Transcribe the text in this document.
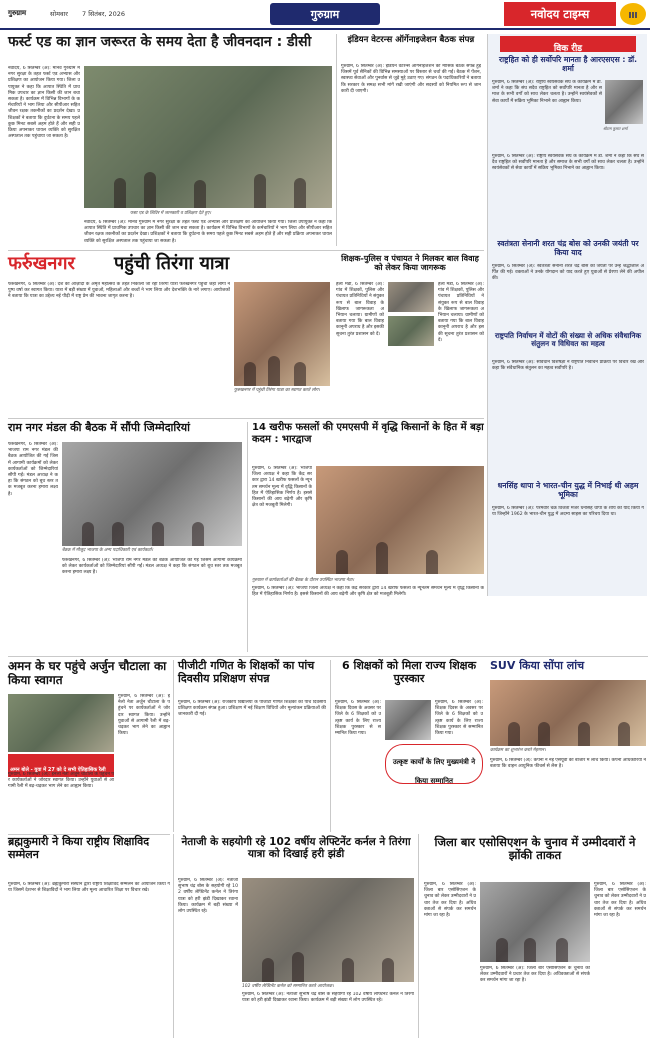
गुरुग्राम	सोमवार 7 सितंबर, 2026	गुरुग्राम	नवोदय टाइम्स	III
फर्स्ट एड का ज्ञान जरूरत के समय देता है जीवनदान : डीसी
नवोदय, 6 सितम्बर (अ): मानव गुरुग्राम में नगर सुरक्षा के तहत फर्स्ट एड अभ्यास और प्रशिक्षण का आयोजन किया गया। जिला उपायुक्त ने कहा कि आपात स्थिति में प्राथमिक उपचार का ज्ञान किसी की जान बचा सकता है। कार्यक्रम में विभिन्न विभागों के कर्मचारियों ने भाग लिया और सीपीआर सहित जीवन रक्षक तकनीकों का प्रदर्शन देखा। प्रशिक्षकों ने बताया कि दुर्घटना के समय पहले कुछ मिनट सबसे अहम होते हैं और सही प्रक्रिया अपनाकर घायल व्यक्ति को सुरक्षित अस्पताल तक पहुंचाया जा सकता है।
फस्ट एड के शिविर में जानकारी व प्रशिक्षण देते हुए।
नवोदय, 6 सितम्बर (अ): मानव गुरुग्राम में नगर सुरक्षा के तहत फर्स्ट एड अभ्यास और प्रशिक्षण का आयोजन किया गया। जिला उपायुक्त ने कहा कि आपात स्थिति में प्राथमिक उपचार का ज्ञान किसी की जान बचा सकता है। कार्यक्रम में विभिन्न विभागों के कर्मचारियों ने भाग लिया और सीपीआर सहित जीवन रक्षक तकनीकों का प्रदर्शन देखा। प्रशिक्षकों ने बताया कि दुर्घटना के समय पहले कुछ मिनट सबसे अहम होते हैं और सही प्रक्रिया अपनाकर घायल व्यक्ति को सुरक्षित अस्पताल तक पहुंचाया जा सकता है।
इंडियन वेटरन्स ऑर्गेनाइजेशन बैठक संपन्न
गुरुग्राम, 6 सितम्बर (अ): इंडियन वेटरन्स ऑर्गेनाइजेशन की मासिक बैठक संपन्न हुई जिसमें पूर्व सैनिकों की विभिन्न समस्याओं पर विस्तार से चर्चा की गई। बैठक में पेंशन, स्वास्थ्य सेवाओं और पुनर्वास से जुड़े मुद्दे उठाए गए। संगठन के पदाधिकारियों ने बताया कि सरकार के समक्ष सभी मांगें रखी जाएंगी और सदस्यों को नियमित रूप से जानकारी दी जाएगी।
विक रीड
राष्ट्रहित को ही सर्वोपरि मानता है आरएसएस : डॉ. शर्मा
गुरुग्राम, 6 सितम्बर (अ): राष्ट्रीय स्वयंसेवक संघ के कार्यक्रम में डॉ. शर्मा ने कहा कि संघ सदैव राष्ट्रहित को सर्वोपरि मानता है और समाज के सभी वर्गों को साथ लेकर चलता है। उन्होंने स्वयंसेवकों से सेवा कार्यों में सक्रिय भूमिका निभाने का आह्वान किया।
श्रीराम कुमार शर्मा
गुरुग्राम, 6 सितम्बर (अ): राष्ट्रीय स्वयंसेवक संघ के कार्यक्रम में डॉ. शर्मा ने कहा कि संघ सदैव राष्ट्रहित को सर्वोपरि मानता है और समाज के सभी वर्गों को साथ लेकर चलता है। उन्होंने स्वयंसेवकों से सेवा कार्यों में सक्रिय भूमिका निभाने का आह्वान किया।
स्वतंत्रता सेनानी शरत चंद्र बोस को उनकी जयंती पर किया याद
गुरुग्राम, 6 सितम्बर (अ): स्वतंत्रता सेनानी शरत चंद्र बोस की जयंती पर उन्हें श्रद्धांजलि अर्पित की गई। वक्ताओं ने उनके योगदान को याद करते हुए युवाओं से प्रेरणा लेने की अपील की।
राष्ट्रपति निर्वाचन में वोटों की संख्या से अधिक संवैधानिक संतुलन व विधिवत का महत्व
गुरुग्राम, 6 सितम्बर (अ): संविधान विशेषज्ञों ने राष्ट्रपति निर्वाचन प्रक्रिया पर विचार रखे और कहा कि संवैधानिक संतुलन का महत्व सर्वोपरि है।
धनसिंह थापा ने भारत-चीन युद्ध में निभाई थी अहम भूमिका
गुरुग्राम, 6 सितम्बर (अ): परमवीर चक्र विजेता मेजर धनसिंह थापा के शौर्य को याद किया गया जिन्होंने 1962 के भारत-चीन युद्ध में अदम्य साहस का परिचय दिया था।
फर्रुखनगर पहुंची तिरंगा यात्रा
फर्रुखनगर, 6 सितम्बर (अ): देश की आज़ादी के अमृत महोत्सव के तहत निकाली जा रही तिरंगा यात्रा फर्रुखनगर पहुंची जहां लोगों ने पुष्प वर्षा कर स्वागत किया। यात्रा में बड़ी संख्या में युवाओं, महिलाओं और बच्चों ने भाग लिया और देशभक्ति के नारे लगाए। आयोजकों ने बताया कि यात्रा का उद्देश्य नई पीढ़ी में राष्ट्र प्रेम की भावना जागृत करना है।
फुरुखनगर में पहुंची तिरंगा यात्रा का स्वागत करते लोग।
शिक्षक-पुलिस व पंचायत ने मिलकर बाल विवाह को लेकर किया जागरूक
हेली मंडी, 6 सितम्बर (अ): गांव में शिक्षकों, पुलिस और पंचायत प्रतिनिधियों ने संयुक्त रूप से बाल विवाह के खिलाफ जागरूकता अभियान चलाया। ग्रामीणों को बताया गया कि बाल विवाह कानूनी अपराध है और इसकी सूचना तुरंत प्रशासन को दें।
हेली मंडी, 6 सितम्बर (अ): गांव में शिक्षकों, पुलिस और पंचायत प्रतिनिधियों ने संयुक्त रूप से बाल विवाह के खिलाफ जागरूकता अभियान चलाया। ग्रामीणों को बताया गया कि बाल विवाह कानूनी अपराध है और इसकी सूचना तुरंत प्रशासन को दें।
राम नगर मंडल की बैठक में सौंपी जिम्मेदारियां
फर्रुखनगर, 6 सितम्बर (अ): भाजपा राम नगर मंडल की बैठक आयोजित की गई जिसमें आगामी कार्यक्रमों को लेकर कार्यकर्ताओं को जिम्मेदारियां सौंपी गईं। मंडल अध्यक्ष ने कहा कि संगठन को बूथ स्तर तक मजबूत करना हमारा लक्ष्य है।
बैठक में मौजूद भाजपा के अन्य पदाधिकारी एवं कार्यकर्ता।
फर्रुखनगर, 6 सितम्बर (अ): भाजपा राम नगर मंडल की बैठक आयोजित की गई जिसमें आगामी कार्यक्रमों को लेकर कार्यकर्ताओं को जिम्मेदारियां सौंपी गईं। मंडल अध्यक्ष ने कहा कि संगठन को बूथ स्तर तक मजबूत करना हमारा लक्ष्य है।
14 खरीफ फसलों की एमएसपी में वृद्धि किसानों के हित में बड़ा कदम : भारद्वाज
गुरुग्राम, 6 सितम्बर (अ): भाजपा जिला अध्यक्ष ने कहा कि केंद्र सरकार द्वारा 14 खरीफ फसलों के न्यूनतम समर्थन मूल्य में वृद्धि किसानों के हित में ऐतिहासिक निर्णय है। इससे किसानों की आय बढ़ेगी और कृषि क्षेत्र को मजबूती मिलेगी।
गुरुग्राम में कार्यकर्ताओं की बैठक के दौरान उपस्थित भाजपा नेता।
गुरुग्राम, 6 सितम्बर (अ): भाजपा जिला अध्यक्ष ने कहा कि केंद्र सरकार द्वारा 14 खरीफ फसलों के न्यूनतम समर्थन मूल्य में वृद्धि किसानों के हित में ऐतिहासिक निर्णय है। इससे किसानों की आय बढ़ेगी और कृषि क्षेत्र को मजबूती मिलेगी।
अमन के घर पहुंचे अर्जुन चौटाला का किया स्वागत
अमन बोले - युवा में 27 को दे सभी ऐतिहासिक रैली
गुरुग्राम, 6 सितम्बर (अ): इनेलो नेता अर्जुन चौटाला के पहुंचने पर कार्यकर्ताओं ने जोरदार स्वागत किया। उन्होंने युवाओं से आगामी रैली में बढ़-चढ़कर भाग लेने का आह्वान किया।
गुरुग्राम, 6 सितम्बर (अ): इनेलो नेता अर्जुन चौटाला के पहुंचने पर कार्यकर्ताओं ने जोरदार स्वागत किया। उन्होंने युवाओं से आगामी रैली में बढ़-चढ़कर भाग लेने का आह्वान किया।
पीजीटी गणित के शिक्षकों का पांच दिवसीय प्रशिक्षण संपन्न
गुरुग्राम, 6 सितम्बर (अ): राजकीय विद्यालयों के पीजीटी गणित शिक्षकों का पांच दिवसीय प्रशिक्षण कार्यक्रम संपन्न हुआ। प्रशिक्षण में नई शिक्षण विधियों और मूल्यांकन प्रक्रियाओं की जानकारी दी गई।
6 शिक्षकों को मिला राज्य शिक्षक पुरस्कार
गुरुग्राम, 6 सितम्बर (अ): शिक्षक दिवस के अवसर पर जिले के 6 शिक्षकों को उत्कृष्ट कार्य के लिए राज्य शिक्षक पुरस्कार से सम्मानित किया गया।
उत्कृष्ट कार्यों के लिए मुख्यमंत्री ने किया सम्मानित
गुरुग्राम, 6 सितम्बर (अ): शिक्षक दिवस के अवसर पर जिले के 6 शिक्षकों को उत्कृष्ट कार्य के लिए राज्य शिक्षक पुरस्कार से सम्मानित किया गया।
SUV किया सोंपा लांच
कार्यक्रम का शुभारंभ करते मेहमान।
गुरुग्राम, 6 सितम्बर (अ): कंपनी ने नई एसयूवी को बाजार में लांच किया। कंपनी अधिकारियों ने बताया कि वाहन आधुनिक फीचर्स से लैस है।
ब्रह्मकुमारी ने किया राष्ट्रीय शिक्षाविद सम्मेलन
गुरुग्राम, 6 सितम्बर (अ): ब्रह्मकुमारी संस्थान द्वारा राष्ट्रीय शिक्षाविद सम्मेलन का आयोजन किया गया जिसमें देशभर से शिक्षाविदों ने भाग लिया और मूल्य आधारित शिक्षा पर विचार रखे।
नेताजी के सहयोगी रहे 102 वर्षीय लेफ्टिनेंट कर्नल ने तिरंगा यात्रा को दिखाई हरी झंडी
गुरुग्राम, 6 सितम्बर (अ): नेताजी सुभाष चंद्र बोस के सहयोगी रहे 102 वर्षीय लेफ्टिनेंट कर्नल ने तिरंगा यात्रा को हरी झंडी दिखाकर रवाना किया। कार्यक्रम में बड़ी संख्या में लोग उपस्थित रहे।
102 वर्षीय लेफ्टिनेंट कर्नल को सम्मानित करते आयोजक।
गुरुग्राम, 6 सितम्बर (अ): नेताजी सुभाष चंद्र बोस के सहयोगी रहे 102 वर्षीय लेफ्टिनेंट कर्नल ने तिरंगा यात्रा को हरी झंडी दिखाकर रवाना किया। कार्यक्रम में बड़ी संख्या में लोग उपस्थित रहे।
जिला बार एसोसिएशन के चुनाव में उम्मीदवारों ने झोंकी ताकत
गुरुग्राम, 6 सितम्बर (अ): जिला बार एसोसिएशन के चुनाव को लेकर उम्मीदवारों ने प्रचार तेज कर दिया है। अधिवक्ताओं से संपर्क कर समर्थन मांगा जा रहा है।
गुरुग्राम, 6 सितम्बर (अ): जिला बार एसोसिएशन के चुनाव को लेकर उम्मीदवारों ने प्रचार तेज कर दिया है। अधिवक्ताओं से संपर्क कर समर्थन मांगा जा रहा है।
गुरुग्राम, 6 सितम्बर (अ): जिला बार एसोसिएशन के चुनाव को लेकर उम्मीदवारों ने प्रचार तेज कर दिया है। अधिवक्ताओं से संपर्क कर समर्थन मांगा जा रहा है।
